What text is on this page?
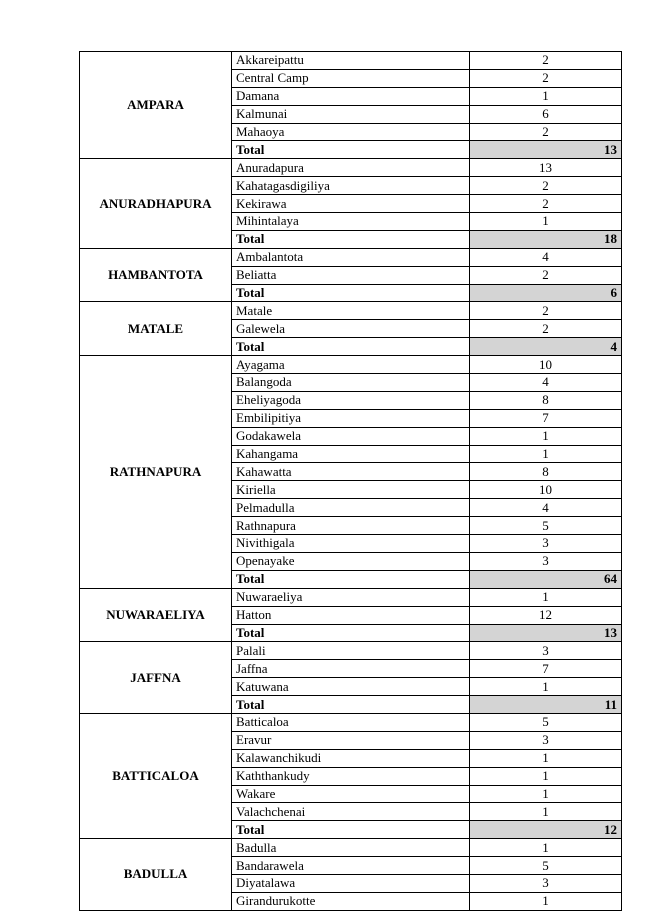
AMPARA	Akkareipattu	2
	Central Camp	2
	Damana	1
	Kalmunai	6
	Mahaoya	2
	Total	13
ANURADHAPURA	Anuradapura	13
	Kahatagasdigiliya	2
	Kekirawa	2
	Mihintalaya	1
	Total	18
HAMBANTOTA	Ambalantota	4
	Beliatta	2
	Total	6
MATALE	Matale	2
	Galewela	2
	Total	4
RATHNAPURA	Ayagama	10
	Balangoda	4
	Eheliyagoda	8
	Embilipitiya	7
	Godakawela	1
	Kahangama	1
	Kahawatta	8
	Kiriella	10
	Pelmadulla	4
	Rathnapura	5
	Nivithigala	3
	Openayake	3
	Total	64
NUWARAELIYA	Nuwaraeliya	1
	Hatton	12
	Total	13
JAFFNA	Palali	3
	Jaffna	7
	Katuwana	1
	Total	11
BATTICALOA	Batticaloa	5
	Eravur	3
	Kalawanchikudi	1
	Kaththankudy	1
	Wakare	1
	Valachchenai	1
	Total	12
BADULLA	Badulla	1
	Bandarawela	5
	Diyatalawa	3
	Girandurukotte	1
